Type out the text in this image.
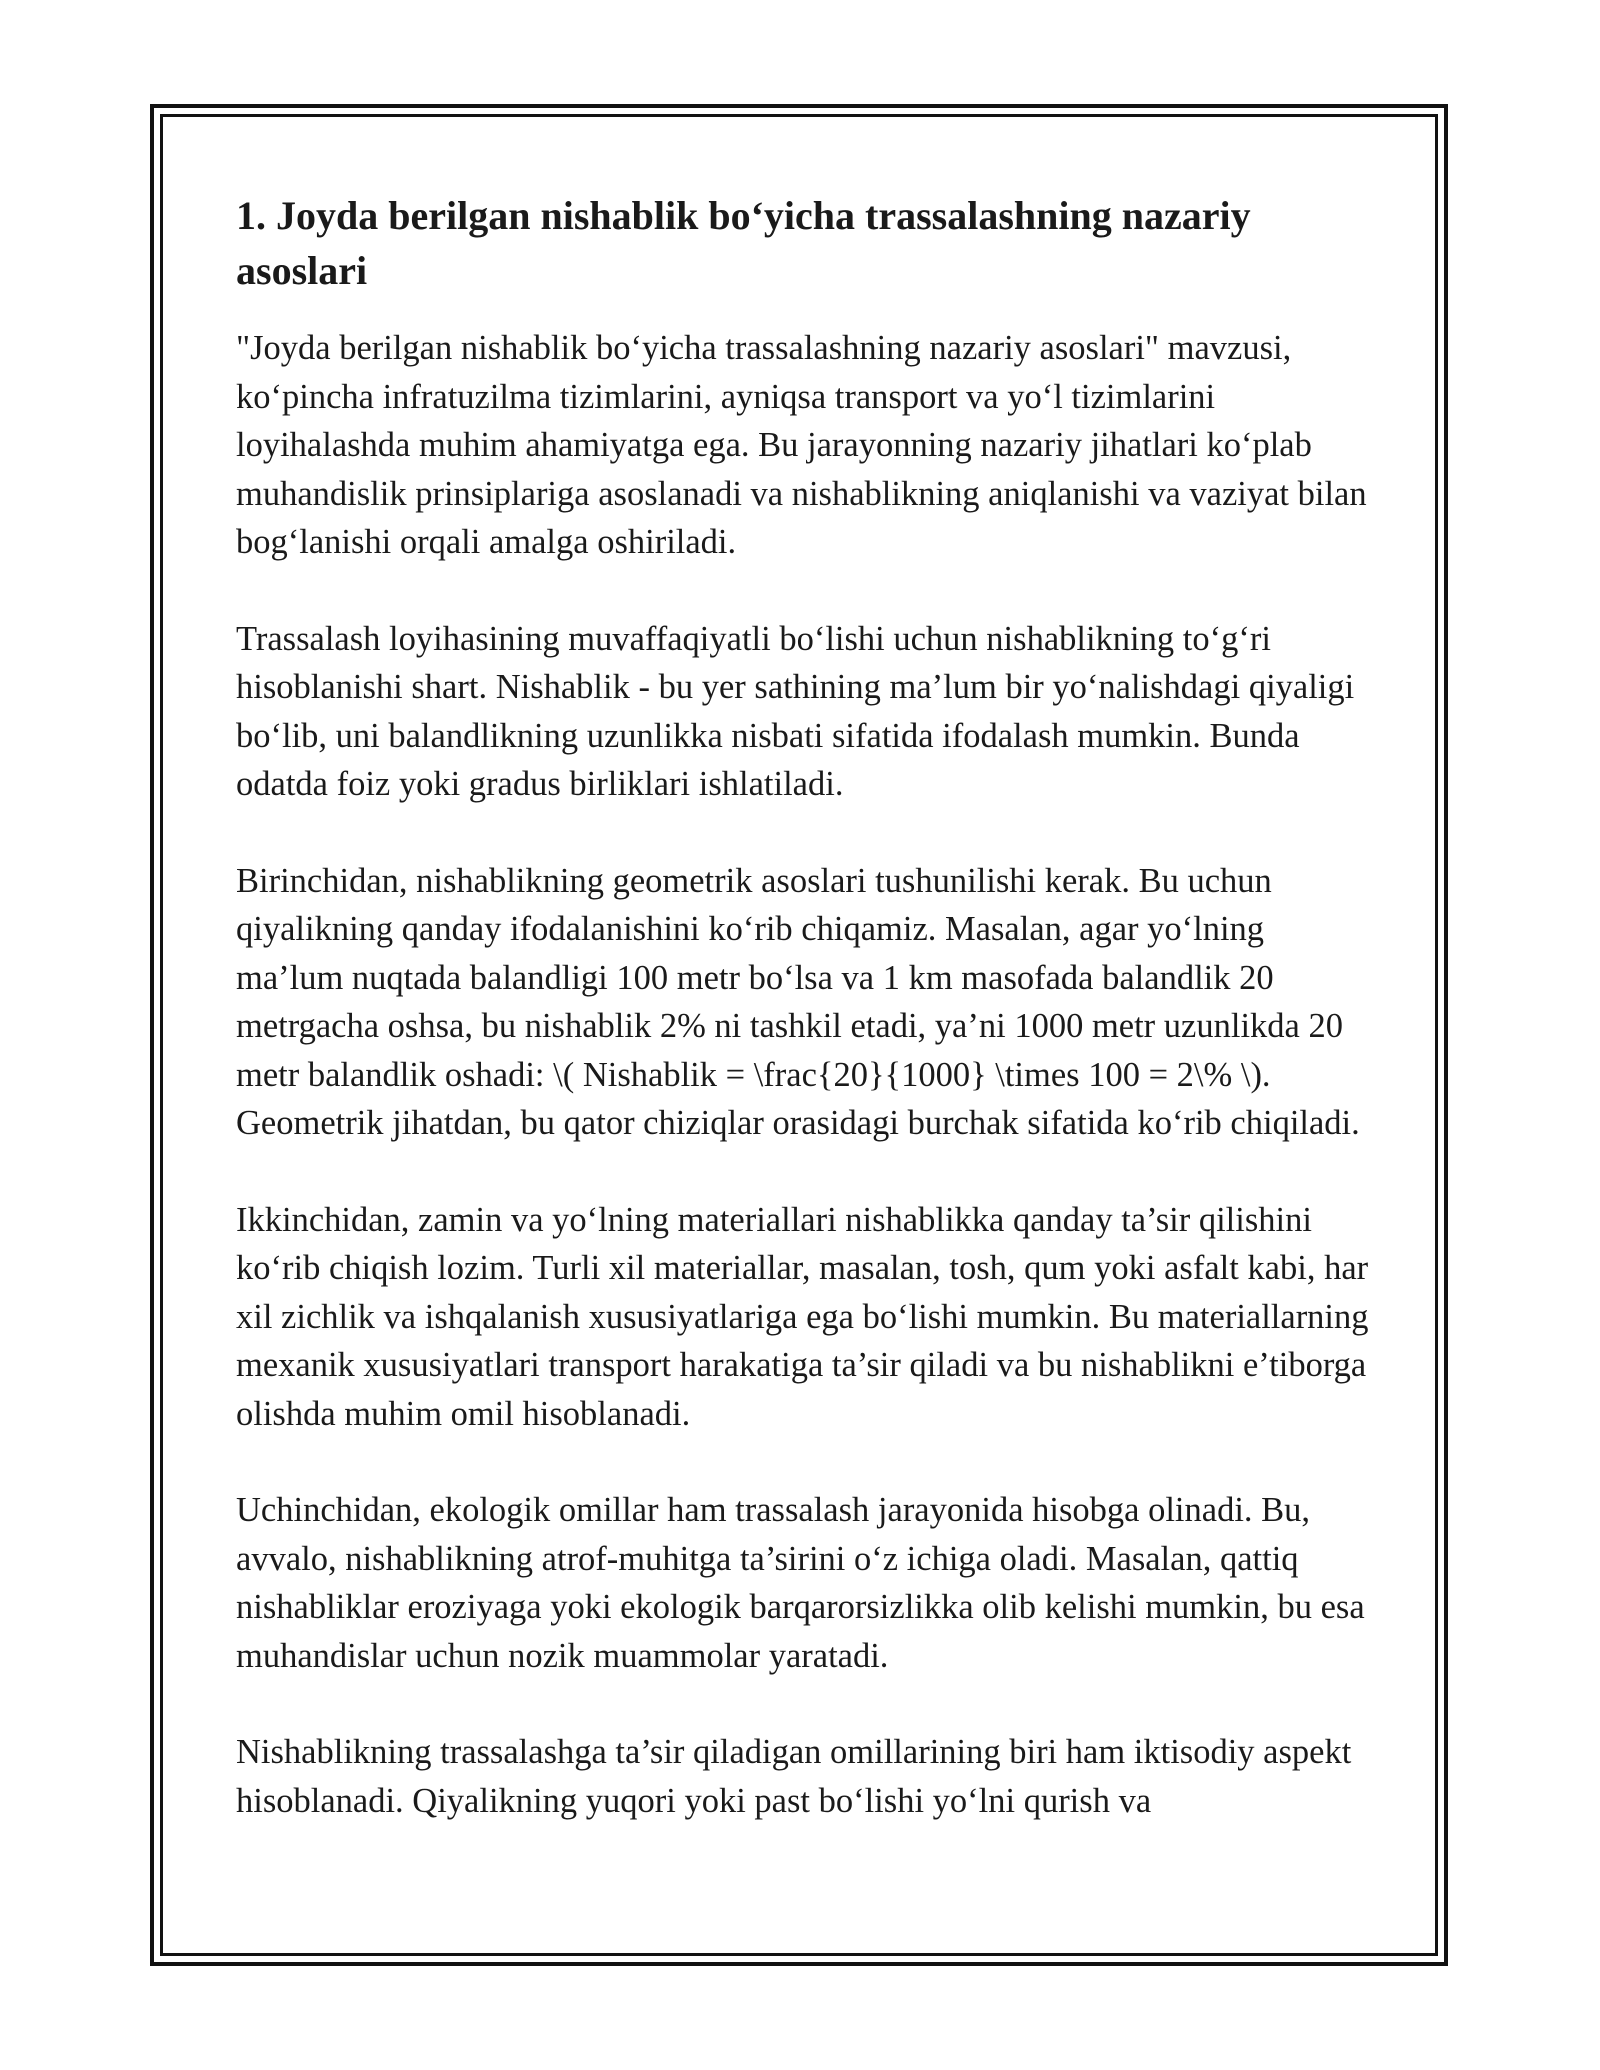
1. Joyda berilgan nishablik bo‘yicha trassalashning nazariy asoslari

"Joyda berilgan nishablik bo‘yicha trassalashning nazariy asoslari" mavzusi, ko‘pincha infratuzilma tizimlarini, ayniqsa transport va yo‘l tizimlarini loyihalashda muhim ahamiyatga ega. Bu jarayonning nazariy jihatlari ko‘plab muhandislik prinsiplariga asoslanadi va nishablikning aniqlanishi va vaziyat bilan bog‘lanishi orqali amalga oshiriladi.

Trassalash loyihasining muvaffaqiyatli bo‘lishi uchun nishablikning to‘g‘ri hisoblanishi shart. Nishablik - bu yer sathining ma’lum bir yo‘nalishdagi qiyaligi bo‘lib, uni balandlikning uzunlikka nisbati sifatida ifodalash mumkin. Bunda odatda foiz yoki gradus birliklari ishlatiladi.

Birinchidan, nishablikning geometrik asoslari tushunilishi kerak. Bu uchun qiyalikning qanday ifodalanishini ko‘rib chiqamiz. Masalan, agar yo‘lning ma’lum nuqtada balandligi 100 metr bo‘lsa va 1 km masofada balandlik 20 metrgacha oshsa, bu nishablik 2% ni tashkil etadi, ya’ni 1000 metr uzunlikda 20 metr balandlik oshadi: \( Nishablik = \frac{20}{1000} \times 100 = 2\% \). Geometrik jihatdan, bu qator chiziqlar orasidagi burchak sifatida ko‘rib chiqiladi.

Ikkinchidan, zamin va yo‘lning materiallari nishablikka qanday ta’sir qilishini ko‘rib chiqish lozim. Turli xil materiallar, masalan, tosh, qum yoki asfalt kabi, har xil zichlik va ishqalanish xususiyatlariga ega bo‘lishi mumkin. Bu materiallarning mexanik xususiyatlari transport harakatiga ta’sir qiladi va bu nishablikni e’tiborga olishda muhim omil hisoblanadi.

Uchinchidan, ekologik omillar ham trassalash jarayonida hisobga olinadi. Bu, avvalo, nishablikning atrof-muhitga ta’sirini o‘z ichiga oladi. Masalan, qattiq nishabliklar eroziyaga yoki ekologik barqarorsizlikka olib kelishi mumkin, bu esa muhandislar uchun nozik muammolar yaratadi.

Nishablikning trassalashga ta’sir qiladigan omillarining biri ham iktisodiy aspekt hisoblanadi. Qiyalikning yuqori yoki past bo‘lishi yo‘lni qurish va
